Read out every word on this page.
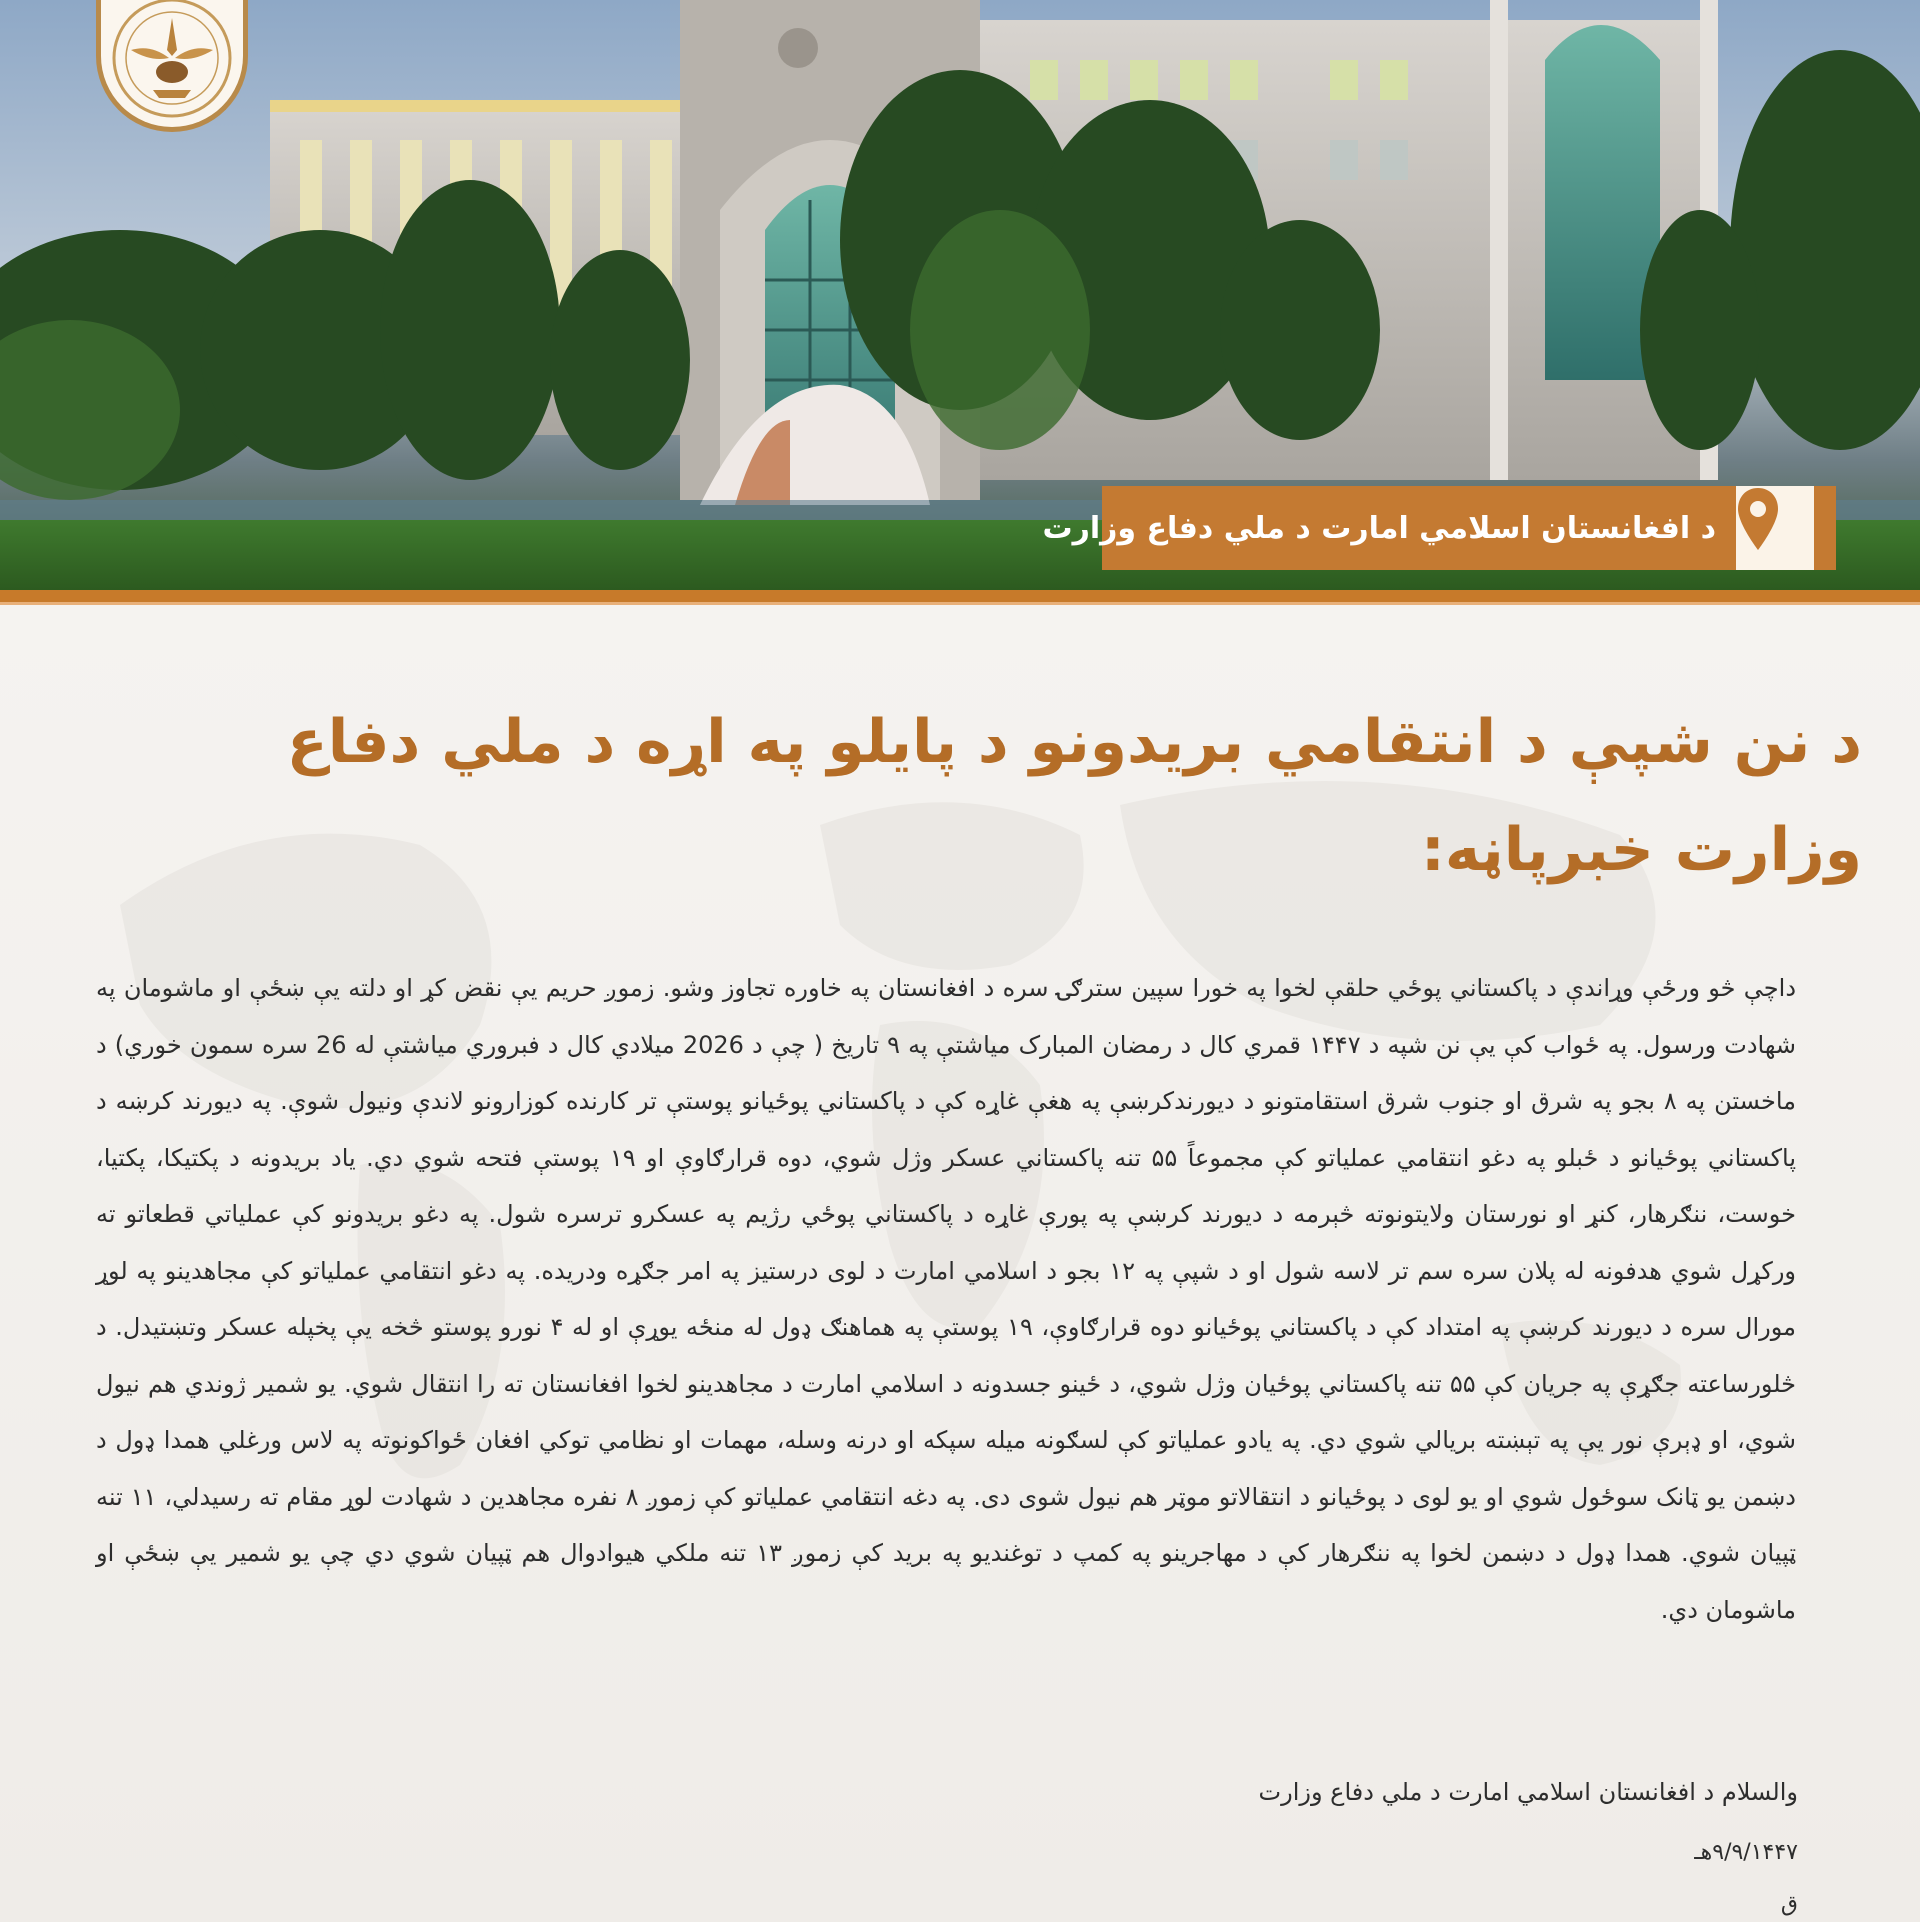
د افغانستان اسلامي امارت د ملي دفاع وزارت
د نن شپې د انتقامي بریدونو د پایلو په اړه د ملي دفاع وزارت خبرپاڼه:

داچې څو ورځې وړاندې د پاکستاني پوځي حلقې لخوا په خورا سپین سترګۍ سره د افغانستان په خاوره تجاوز وشو. زموږ حریم یې نقض کړ او دلته یې ښځې او ماشومان په شهادت ورسول. په ځواب کې یې نن شپه د ۱۴۴۷ قمري کال د رمضان المبارک میاشتې په ۹ تاریخ ( چې د 2026 میلادي کال د فبروري میاشتې له 26 سره سمون خوري) د ماخستن په ۸ بجو په شرق او جنوب شرق استقامتونو د دیورندکرښې په هغې غاړه کې د پاکستاني پوځیانو پوستې تر کارنده کوزارونو لاندې ونیول شوې. په دیورند کرښه د پاکستاني پوځیانو د ځبلو په دغو انتقامي عملیاتو کې مجموعاً ۵۵ تنه پاکستاني عسکر وژل شوي، دوه قرارګاوې او ۱۹ پوستې فتحه شوي دي. یاد بریدونه د پکتیکا، پکتیا، خوست، ننګرهار، کنړ او نورستان ولایتونوته څېرمه د دیورند کرښې په پورې غاړه د پاکستاني پوځي رژیم په عسکرو ترسره شول. په دغو بریدونو کې عملیاتي قطعاتو ته ورکړل شوي هدفونه له پلان سره سم تر لاسه شول او د شپې په ۱۲ بجو د اسلامي امارت د لوی درستیز په امر جګړه ودریده. په دغو انتقامي عملیاتو کې مجاهدینو په لوړ مورال سره د دیورند کرښې په امتداد کې د پاکستاني پوځیانو دوه قرارګاوې، ۱۹ پوستې په هماهنګ ډول له منځه یوړې او له ۴ نورو پوستو څخه یې پخپله عسکر وتښتیدل. د څلورساعته جګړې په جریان کې ۵۵ تنه پاکستاني پوځیان وژل شوي، د ځینو جسدونه د اسلامي امارت د مجاهدینو لخوا افغانستان ته را انتقال شوي. یو شمیر ژوندي هم نیول شوي، او ډېرې نور یې په تېښته بریالي شوي دي. په یادو عملیاتو کې لسګونه میله سپکه او درنه وسله، مهمات او نظامي توکي افغان ځواکونوته په لاس ورغلي همدا ډول د دښمن یو ټانک سوځول شوي او یو لوی د پوځیانو د انتقالاتو موټر هم نیول شوی دی. په دغه انتقامي عملیاتو کې زموږ ۸ نفره مجاهدین د شهادت لوړ مقام ته رسیدلي، ۱۱ تنه ټپیان شوي. همدا ډول د دښمن لخوا په ننګرهار کې د مهاجرینو په کمپ د توغندیو په برید کې زموږ ۱۳ تنه ملکي هیوادوال هم ټپیان شوي دي چې یو شمیر یې ښځې او ماشومان دي.

والسلام د افغانستان اسلامي امارت د ملي دفاع وزارت
۹/۹/۱۴۴۷هـ
ق
